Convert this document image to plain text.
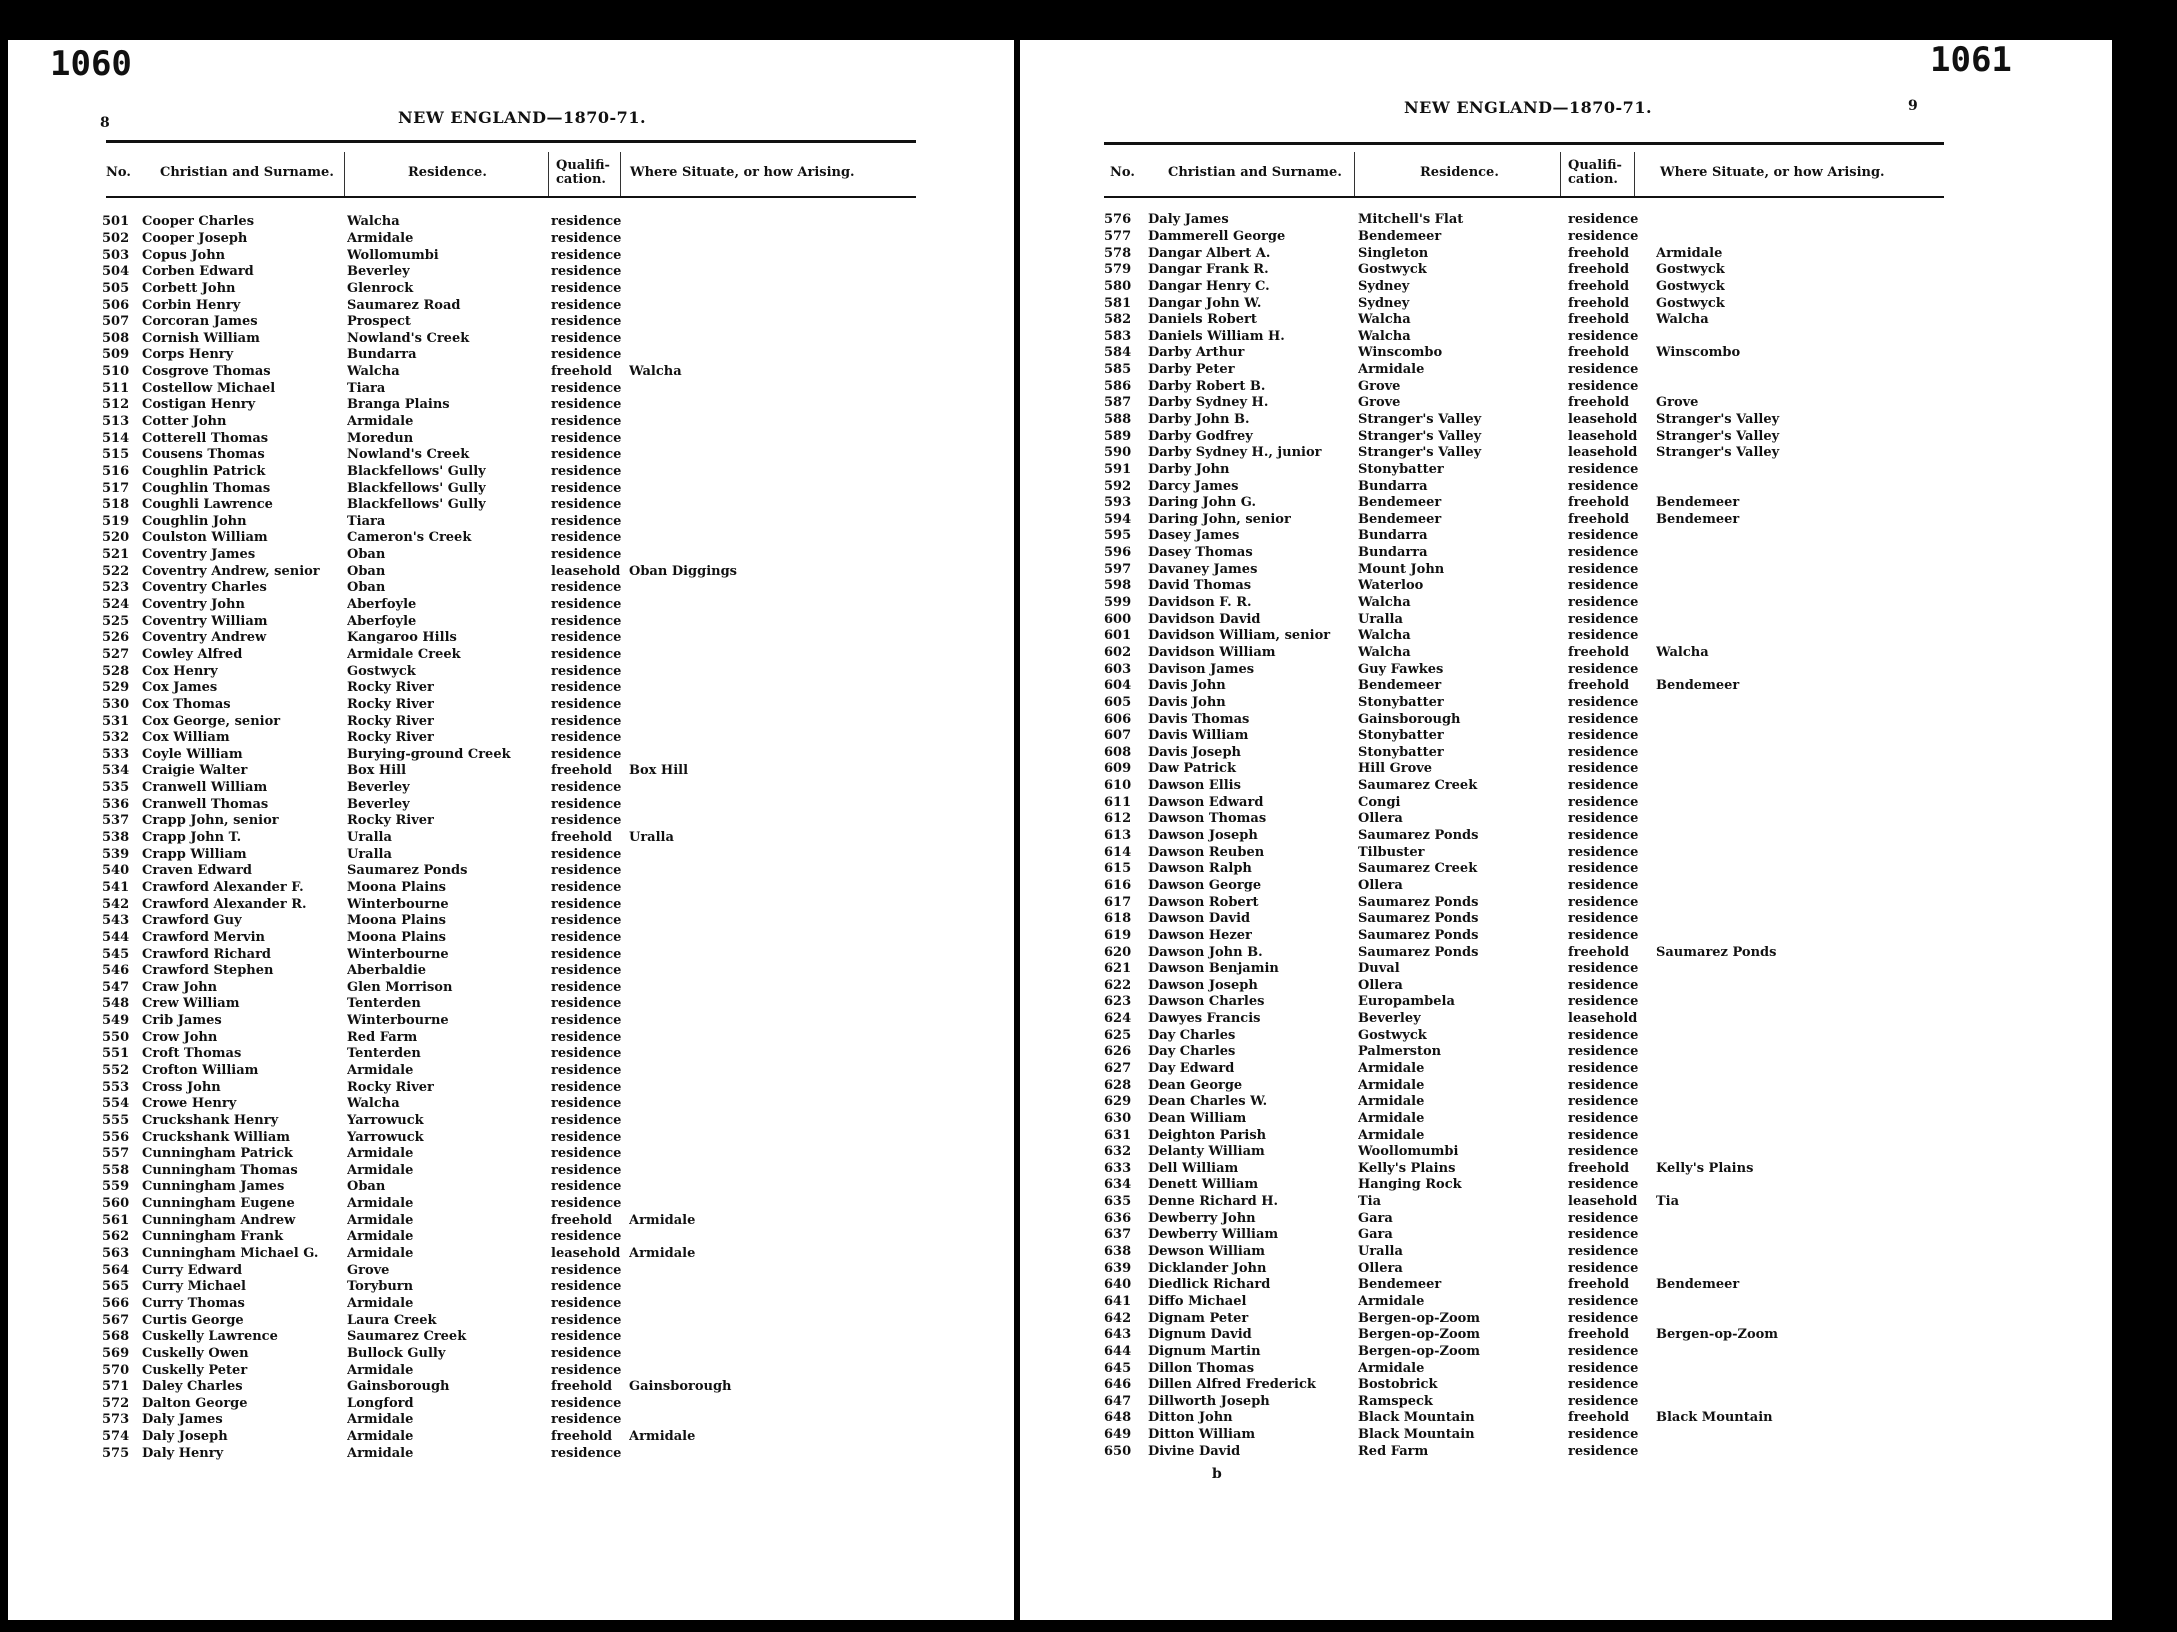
1060
8	NEW ENGLAND—1870-71.
No.	Christian and Surname.	Residence.	Qualifi-cation.	Where Situate, or how Arising.
501	Cooper Charles	Walcha	residence	
502	Cooper Joseph	Armidale	residence	
503	Copus John	Wollomumbi	residence	
504	Corben Edward	Beverley	residence	
505	Corbett John	Glenrock	residence	
506	Corbin Henry	Saumarez Road	residence	
507	Corcoran James	Prospect	residence	
508	Cornish William	Nowland's Creek	residence	
509	Corps Henry	Bundarra	residence	
510	Cosgrove Thomas	Walcha	freehold	Walcha
511	Costellow Michael	Tiara	residence	
512	Costigan Henry	Branga Plains	residence	
513	Cotter John	Armidale	residence	
514	Cotterell Thomas	Moredun	residence	
515	Cousens Thomas	Nowland's Creek	residence	
516	Coughlin Patrick	Blackfellows' Gully	residence	
517	Coughlin Thomas	Blackfellows' Gully	residence	
518	Coughli Lawrence	Blackfellows' Gully	residence	
519	Coughlin John	Tiara	residence	
520	Coulston William	Cameron's Creek	residence	
521	Coventry James	Oban	residence	
522	Coventry Andrew, senior	Oban	leasehold	Oban Diggings
523	Coventry Charles	Oban	residence	
524	Coventry John	Aberfoyle	residence	
525	Coventry William	Aberfoyle	residence	
526	Coventry Andrew	Kangaroo Hills	residence	
527	Cowley Alfred	Armidale Creek	residence	
528	Cox Henry	Gostwyck	residence	
529	Cox James	Rocky River	residence	
530	Cox Thomas	Rocky River	residence	
531	Cox George, senior	Rocky River	residence	
532	Cox William	Rocky River	residence	
533	Coyle William	Burying-ground Creek	residence	
534	Craigie Walter	Box Hill	freehold	Box Hill
535	Cranwell William	Beverley	residence	
536	Cranwell Thomas	Beverley	residence	
537	Crapp John, senior	Rocky River	residence	
538	Crapp John T.	Uralla	freehold	Uralla
539	Crapp William	Uralla	residence	
540	Craven Edward	Saumarez Ponds	residence	
541	Crawford Alexander F.	Moona Plains	residence	
542	Crawford Alexander R.	Winterbourne	residence	
543	Crawford Guy	Moona Plains	residence	
544	Crawford Mervin	Moona Plains	residence	
545	Crawford Richard	Winterbourne	residence	
546	Crawford Stephen	Aberbaldie	residence	
547	Craw John	Glen Morrison	residence	
548	Crew William	Tenterden	residence	
549	Crib James	Winterbourne	residence	
550	Crow John	Red Farm	residence	
551	Croft Thomas	Tenterden	residence	
552	Crofton William	Armidale	residence	
553	Cross John	Rocky River	residence	
554	Crowe Henry	Walcha	residence	
555	Cruckshank Henry	Yarrowuck	residence	
556	Cruckshank William	Yarrowuck	residence	
557	Cunningham Patrick	Armidale	residence	
558	Cunningham Thomas	Armidale	residence	
559	Cunningham James	Oban	residence	
560	Cunningham Eugene	Armidale	residence	
561	Cunningham Andrew	Armidale	freehold	Armidale
562	Cunningham Frank	Armidale	residence	
563	Cunningham Michael G.	Armidale	leasehold	Armidale
564	Curry Edward	Grove	residence	
565	Curry Michael	Toryburn	residence	
566	Curry Thomas	Armidale	residence	
567	Curtis George	Laura Creek	residence	
568	Cuskelly Lawrence	Saumarez Creek	residence	
569	Cuskelly Owen	Bullock Gully	residence	
570	Cuskelly Peter	Armidale	residence	
571	Daley Charles	Gainsborough	freehold	Gainsborough
572	Dalton George	Longford	residence	
573	Daly James	Armidale	residence	
574	Daly Joseph	Armidale	freehold	Armidale
575	Daly Henry	Armidale	residence	
1061
9
NEW ENGLAND—1870-71.
No.	Christian and Surname.	Residence.	Qualifi-cation.	Where Situate, or how Arising.
576	Daly James	Mitchell's Flat	residence	
577	Dammerell George	Bendemeer	residence	
578	Dangar Albert A.	Singleton	freehold	Armidale
579	Dangar Frank R.	Gostwyck	freehold	Gostwyck
580	Dangar Henry C.	Sydney	freehold	Gostwyck
581	Dangar John W.	Sydney	freehold	Gostwyck
582	Daniels Robert	Walcha	freehold	Walcha
583	Daniels William H.	Walcha	residence	
584	Darby Arthur	Winscombo	freehold	Winscombo
585	Darby Peter	Armidale	residence	
586	Darby Robert B.	Grove	residence	
587	Darby Sydney H.	Grove	freehold	Grove
588	Darby John B.	Stranger's Valley	leasehold	Stranger's Valley
589	Darby Godfrey	Stranger's Valley	leasehold	Stranger's Valley
590	Darby Sydney H., junior	Stranger's Valley	leasehold	Stranger's Valley
591	Darby John	Stonybatter	residence	
592	Darcy James	Bundarra	residence	
593	Daring John G.	Bendemeer	freehold	Bendemeer
594	Daring John, senior	Bendemeer	freehold	Bendemeer
595	Dasey James	Bundarra	residence	
596	Dasey Thomas	Bundarra	residence	
597	Davaney James	Mount John	residence	
598	David Thomas	Waterloo	residence	
599	Davidson F. R.	Walcha	residence	
600	Davidson David	Uralla	residence	
601	Davidson William, senior	Walcha	residence	
602	Davidson William	Walcha	freehold	Walcha
603	Davison James	Guy Fawkes	residence	
604	Davis John	Bendemeer	freehold	Bendemeer
605	Davis John	Stonybatter	residence	
606	Davis Thomas	Gainsborough	residence	
607	Davis William	Stonybatter	residence	
608	Davis Joseph	Stonybatter	residence	
609	Daw Patrick	Hill Grove	residence	
610	Dawson Ellis	Saumarez Creek	residence	
611	Dawson Edward	Congi	residence	
612	Dawson Thomas	Ollera	residence	
613	Dawson Joseph	Saumarez Ponds	residence	
614	Dawson Reuben	Tilbuster	residence	
615	Dawson Ralph	Saumarez Creek	residence	
616	Dawson George	Ollera	residence	
617	Dawson Robert	Saumarez Ponds	residence	
618	Dawson David	Saumarez Ponds	residence	
619	Dawson Hezer	Saumarez Ponds	residence	
620	Dawson John B.	Saumarez Ponds	freehold	Saumarez Ponds
621	Dawson Benjamin	Duval	residence	
622	Dawson Joseph	Ollera	residence	
623	Dawson Charles	Europambela	residence	
624	Dawyes Francis	Beverley	leasehold	
625	Day Charles	Gostwyck	residence	
626	Day Charles	Palmerston	residence	
627	Day Edward	Armidale	residence	
628	Dean George	Armidale	residence	
629	Dean Charles W.	Armidale	residence	
630	Dean William	Armidale	residence	
631	Deighton Parish	Armidale	residence	
632	Delanty William	Woollomumbi	residence	
633	Dell William	Kelly's Plains	freehold	Kelly's Plains
634	Denett William	Hanging Rock	residence	
635	Denne Richard H.	Tia	leasehold	Tia
636	Dewberry John	Gara	residence	
637	Dewberry William	Gara	residence	
638	Dewson William	Uralla	residence	
639	Dicklander John	Ollera	residence	
640	Diedlick Richard	Bendemeer	freehold	Bendemeer
641	Diffo Michael	Armidale	residence	
642	Dignam Peter	Bergen-op-Zoom	residence	
643	Dignum David	Bergen-op-Zoom	freehold	Bergen-op-Zoom
644	Dignum Martin	Bergen-op-Zoom	residence	
645	Dillon Thomas	Armidale	residence	
646	Dillen Alfred Frederick	Bostobrick	residence	
647	Dillworth Joseph	Ramspeck	residence	
648	Ditton John	Black Mountain	freehold	Black Mountain
649	Ditton William	Black Mountain	residence	
650	Divine David	Red Farm	residence	
b
